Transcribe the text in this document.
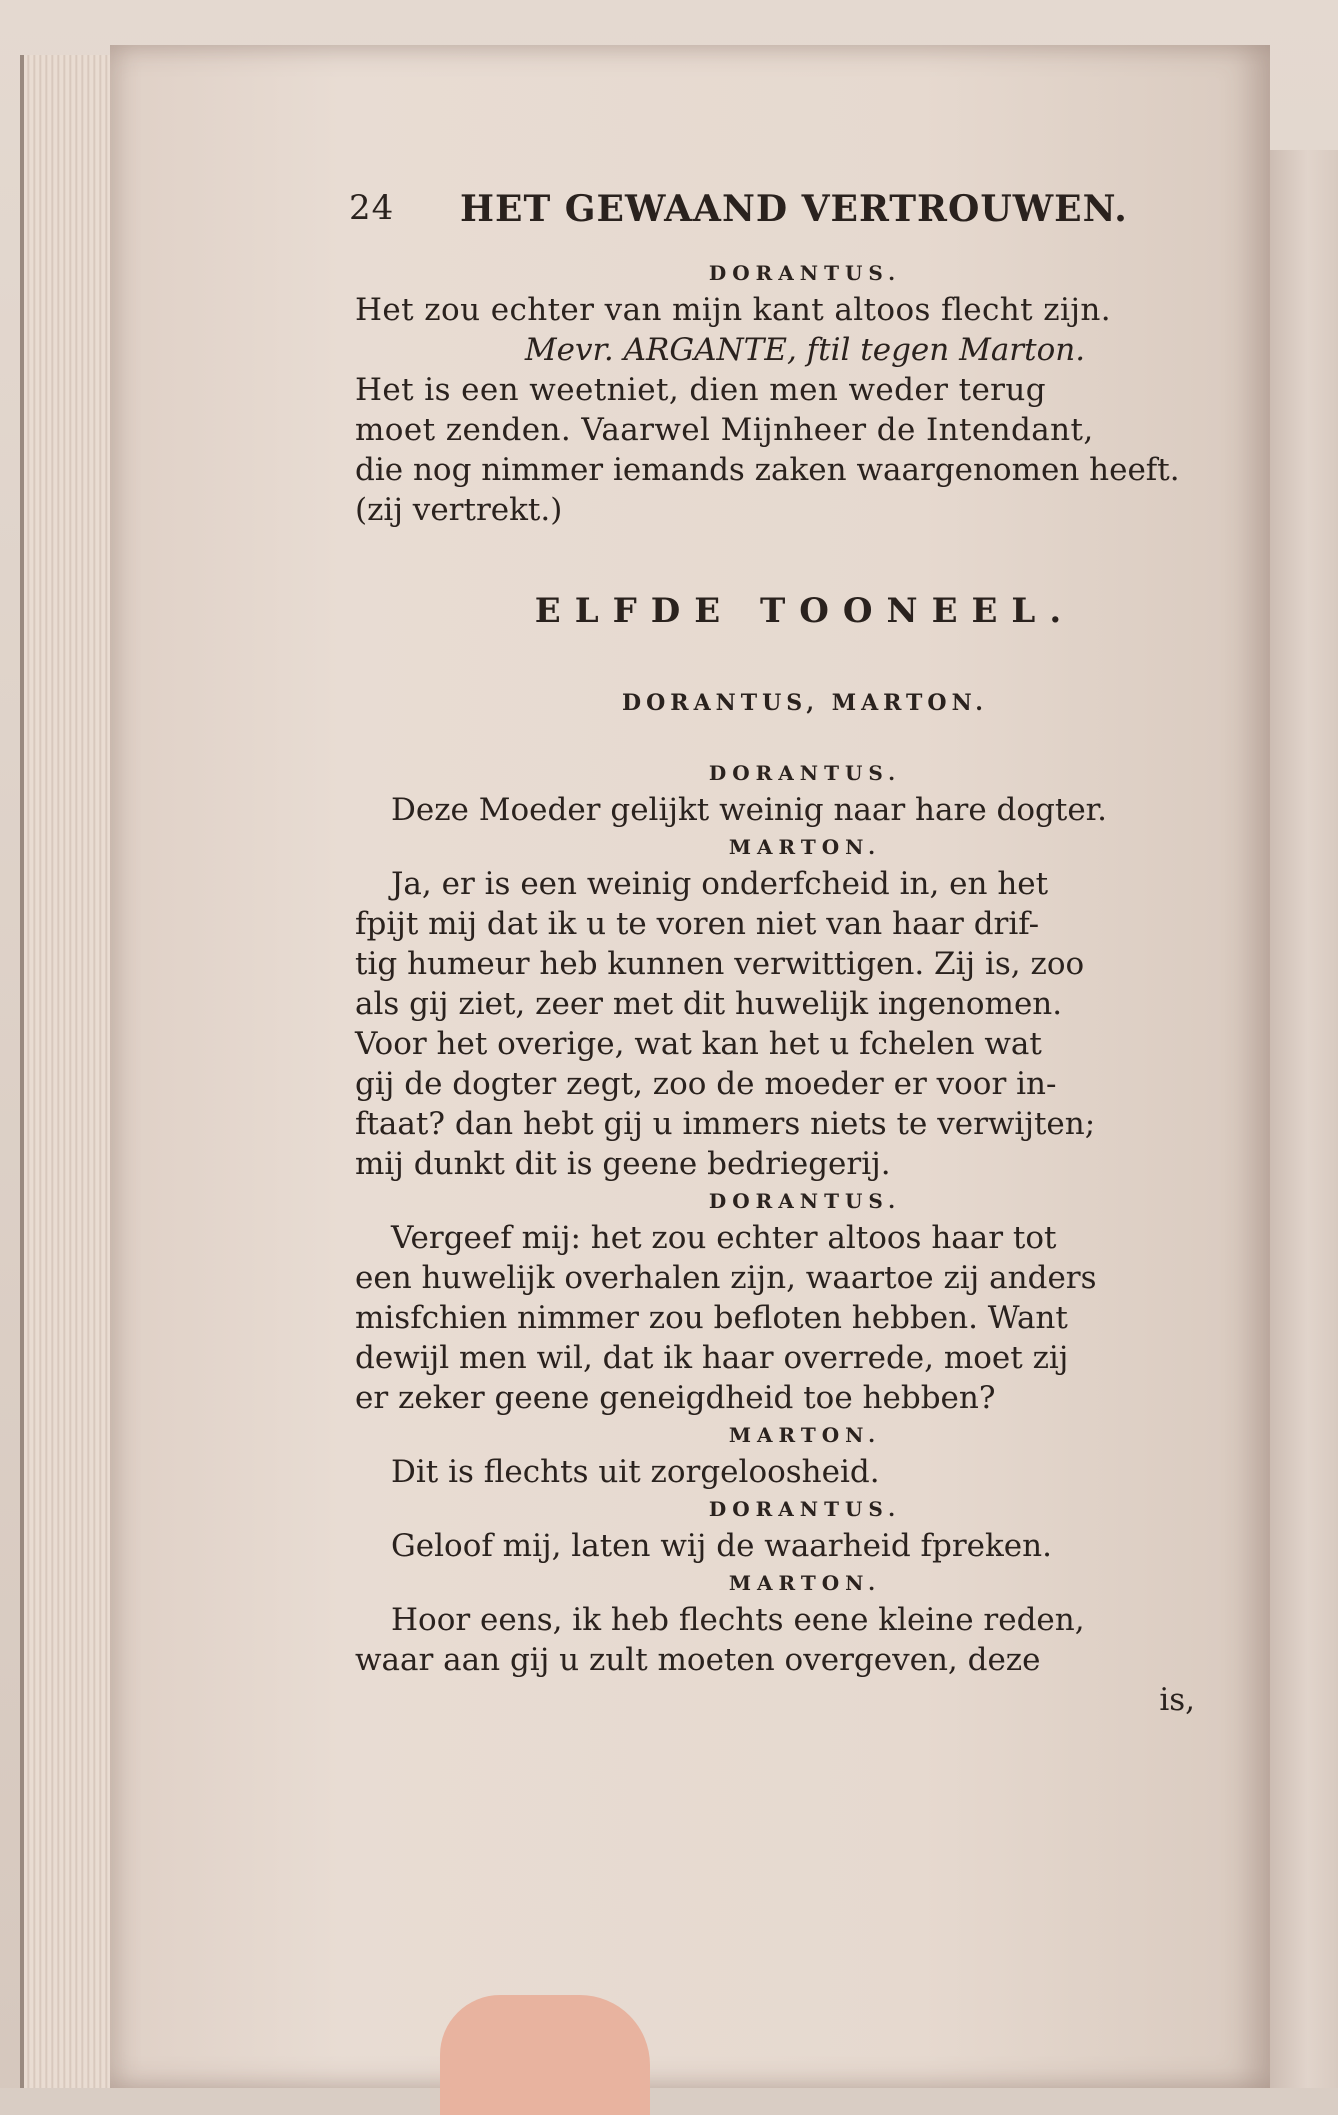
24 HET GEWAAND VERTROUWEN.
DORANTUS.
Het zou echter van mijn kant altoos flecht zijn.
Mevr. ARGANTE, ftil tegen Marton.
Het is een weetniet, dien men weder terug
moet zenden. Vaarwel Mijnheer de Intendant,
die nog nimmer iemands zaken waargenomen heeft.
(zij vertrekt.)
ELFDE TOONEEL.
DORANTUS, MARTON.
DORANTUS.
Deze Moeder gelijkt weinig naar hare dogter.
MARTON.
Ja, er is een weinig onderfcheid in, en het
fpijt mij dat ik u te voren niet van haar drif-
tig humeur heb kunnen verwittigen. Zij is, zoo
als gij ziet, zeer met dit huwelijk ingenomen.
Voor het overige, wat kan het u fchelen wat
gij de dogter zegt, zoo de moeder er voor in-
ftaat? dan hebt gij u immers niets te verwijten;
mij dunkt dit is geene bedriegerij.
DORANTUS.
Vergeef mij: het zou echter altoos haar tot
een huwelijk overhalen zijn, waartoe zij anders
misfchien nimmer zou befloten hebben. Want
dewijl men wil, dat ik haar overrede, moet zij
er zeker geene geneigdheid toe hebben?
MARTON.
Dit is flechts uit zorgeloosheid.
DORANTUS.
Geloof mij, laten wij de waarheid fpreken.
MARTON.
Hoor eens, ik heb flechts eene kleine reden,
waar aan gij u zult moeten overgeven, deze
is,
